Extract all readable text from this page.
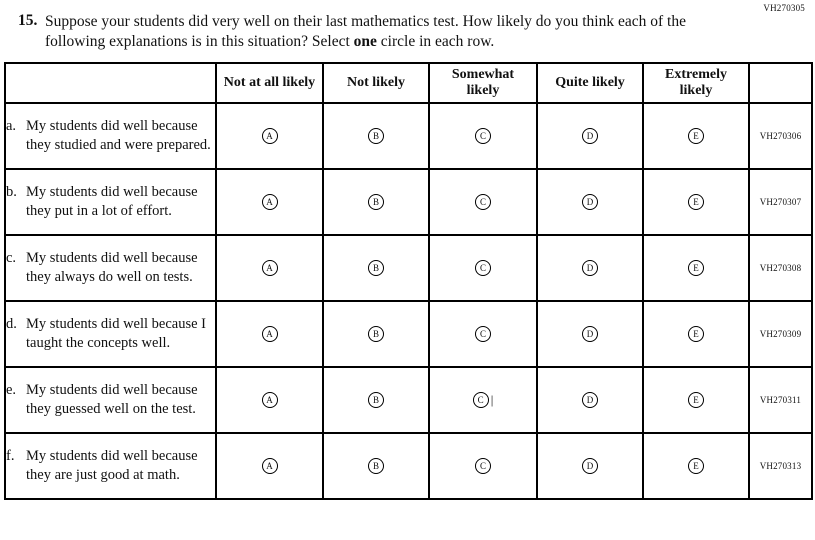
VH270305
15. Suppose your students did very well on their last mathematics test. How likely do you think each of the following explanations is in this situation? Select one circle in each row.
	Not at all likely	Not likely	Somewhat likely	Quite likely	Extremely likely	

a. My students did well because they studied and were prepared.	A	B	C	D	E	VH270306

b. My students did well because they put in a lot of effort.	A	B	C	D	E	VH270307

c. My students did well because they always do well on tests.	A	B	C	D	E	VH270308

d. My students did well because I taught the concepts well.	A	B	C	D	E	VH270309

e. My students did well because they guessed well on the test.	A	B	C |	D	E	VH270311

f. My students did well because they are just good at math.	A	B	C	D	E	VH270313
